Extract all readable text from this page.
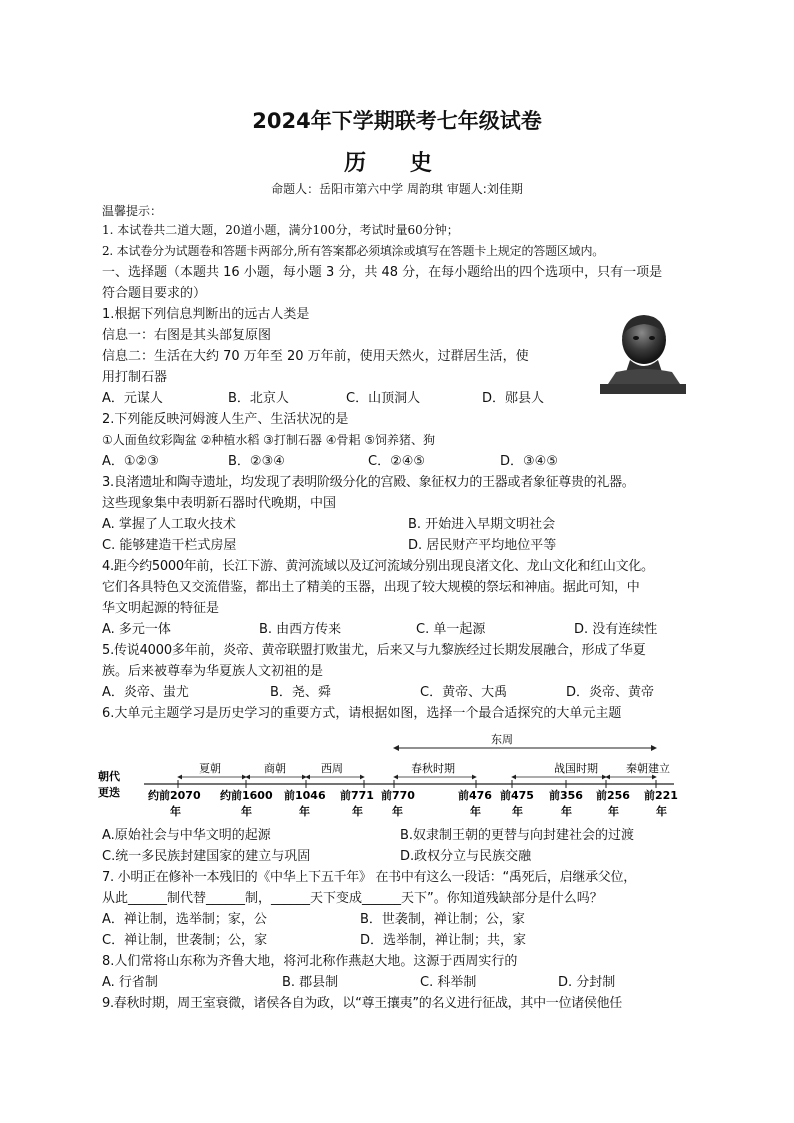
2024年下学期联考七年级试卷
历 史
命题人：岳阳市第六中学 周韵琪 审题人:刘佳期
温馨提示：
1. 本试卷共二道大题，20道小题，满分100分，考试时量60分钟；
2. 本试卷分为试题卷和答题卡两部分,所有答案都必须填涂或填写在答题卡上规定的答题区域内。
一、选择题（本题共 16 小题，每小题 3 分，共 48 分，在每小题给出的四个选项中，只有一项是
符合题目要求的）
1.根据下列信息判断出的远古人类是
信息一：右图是其头部复原图
信息二：生活在大约 70 万年至 20 万年前，使用天然火，过群居生活，使
用打制石器
A．元谋人	B．北京人	C．山顶洞人	D．郧县人
2.下列能反映河姆渡人生产、生活状况的是
①人面鱼纹彩陶盆 ②种植水稻 ③打制石器 ④骨耜 ⑤饲养猪、狗
A．①②③	B．②③④	C．②④⑤	D．③④⑤
3.良渚遗址和陶寺遗址，均发现了表明阶级分化的宫殿、象征权力的王器或者象征尊贵的礼器。
这些现象集中表明新石器时代晚期，中国
A. 掌握了人工取火技术	B. 开始进入早期文明社会
C. 能够建造干栏式房屋	D. 居民财产平均地位平等
4.距今约5000年前，长江下游、黄河流域以及辽河流域分别出现良渚文化、龙山文化和红山文化。
它们各具特色又交流借鉴，都出土了精美的玉器，出现了较大规模的祭坛和神庙。据此可知，中
华文明起源的特征是
A. 多元一体	B. 由西方传来	C. 单一起源	D. 没有连续性
5.传说4000多年前，炎帝、黄帝联盟打败蚩尤，后来又与九黎族经过长期发展融合，形成了华夏
族。后来被尊奉为华夏族人文初祖的是
A．炎帝、蚩尤	B．尧、舜	C．黄帝、大禹	D．炎帝、黄帝
6.大单元主题学习是历史学习的重要方式，请根据如图，选择一个最合适探究的大单元主题
朝代
更迭
东周
夏朝	商朝	西周	春秋时期	战国时期	秦朝建立
约前2070 约前1600 前1046 前771 前770	前476 前475 前356 前256 前221
年	年	年	年	年	年	年	年	年	年
A.原始社会与中华文明的起源	B.奴隶制王朝的更替与向封建社会的过渡
C.统一多民族封建国家的建立与巩固	D.政权分立与民族交融
7. 小明正在修补一本残旧的《中华上下五千年》 在书中有这么一段话：“禹死后，启继承父位，
从此______制代替______制，______天下变成______天下”。你知道残缺部分是什么吗？
A．禅让制，选举制；家，公	B．世袭制，禅让制；公，家
C．禅让制，世袭制；公，家	D．选举制，禅让制；共，家
8.人们常将山东称为齐鲁大地，将河北称作燕赵大地。这源于西周实行的
A. 行省制	B. 郡县制	C. 科举制	D. 分封制
9.春秋时期，周王室衰微，诸侯各自为政，以“尊王攘夷”的名义进行征战，其中一位诸侯他任
